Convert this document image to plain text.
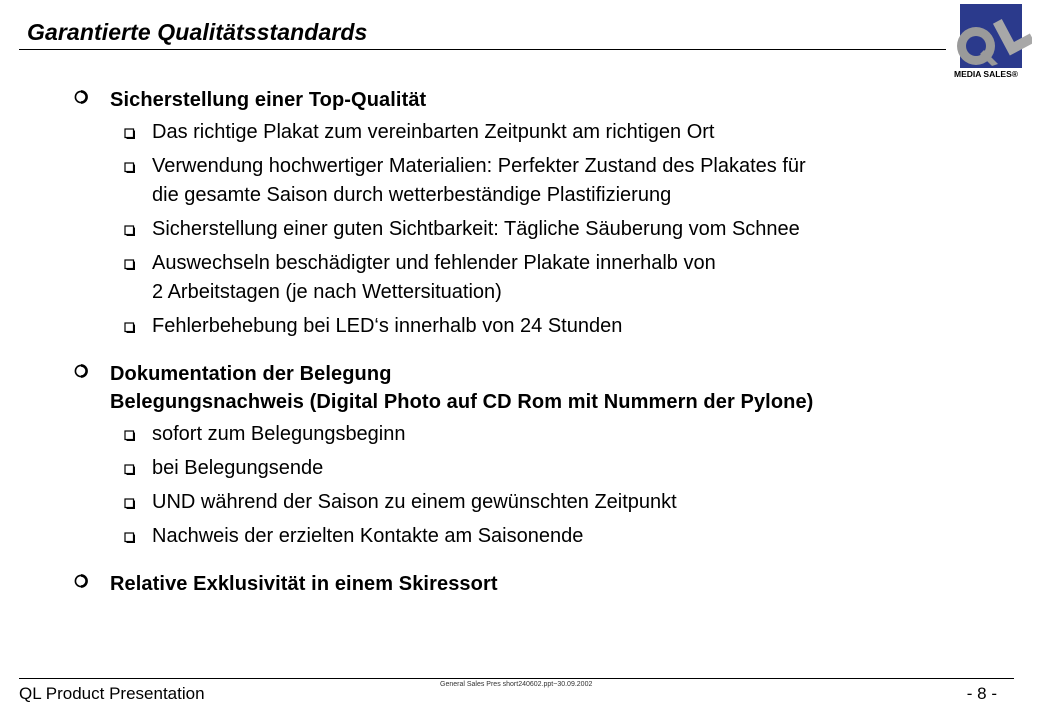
Garantierte Qualitätsstandards
QL
MEDIA SALES®
Sicherstellung einer Top-Qualität
Das richtige Plakat zum vereinbarten Zeitpunkt am richtigen Ort
Verwendung hochwertiger Materialien: Perfekter Zustand des Plakates für
die gesamte Saison durch wetterbeständige Plastifizierung
Sicherstellung einer guten Sichtbarkeit: Tägliche Säuberung vom Schnee
Auswechseln beschädigter und fehlender Plakate innerhalb von
2 Arbeitstagen (je nach Wettersituation)
Fehlerbehebung bei LED‘s innerhalb von 24 Stunden
Dokumentation der Belegung
Belegungsnachweis (Digital Photo auf CD Rom mit Nummern der Pylone)
sofort zum Belegungsbeginn
bei Belegungsende
UND während der Saison zu einem gewünschten Zeitpunkt
Nachweis der erzielten Kontakte am Saisonende
Relative Exklusivität in einem Skiressort
QL Product Presentation	General Sales Pres short240602.ppt~30.09.2002	- 8 -
